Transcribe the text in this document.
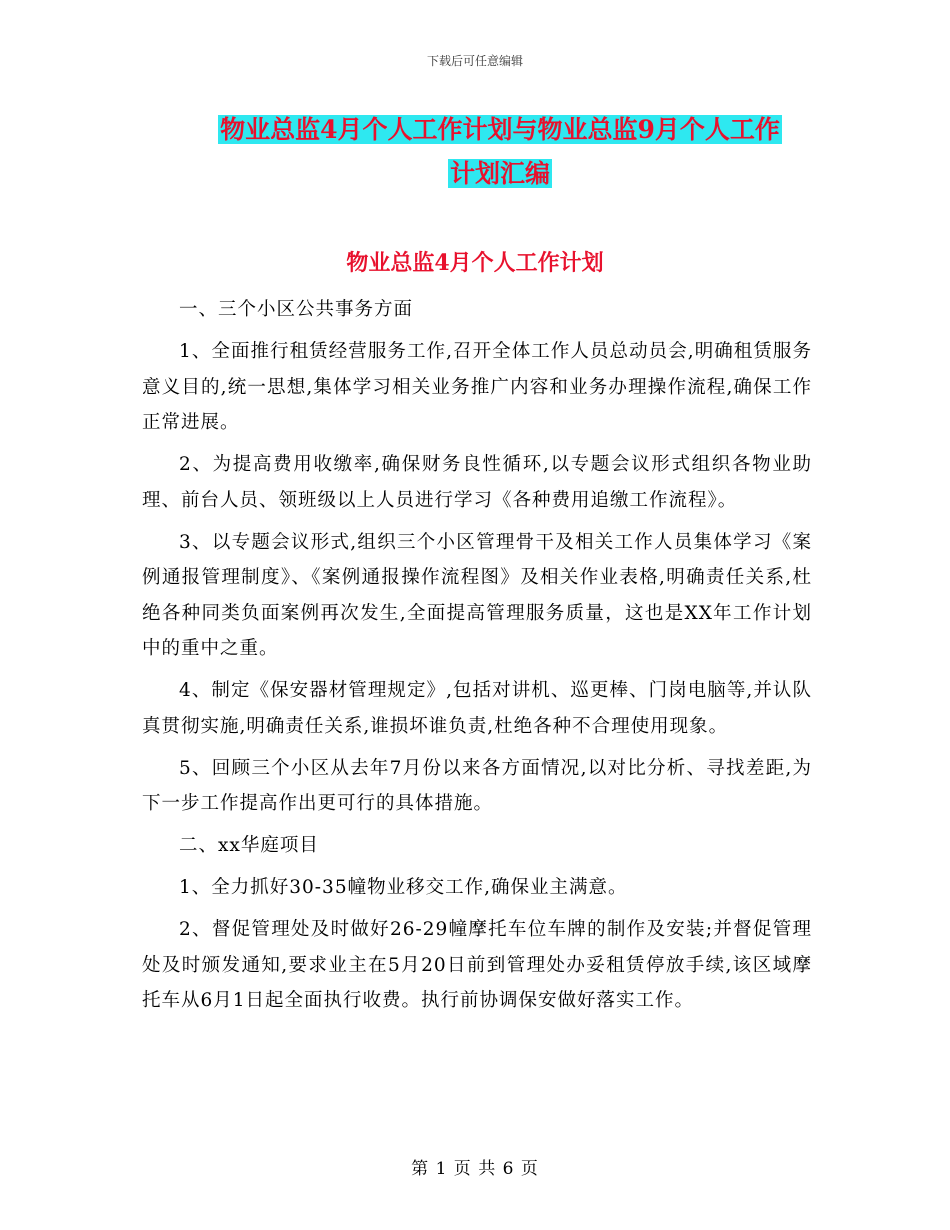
下载后可任意编辑
物业总监4月个人工作计划与物业总监9月个人工作
计划汇编
物业总监4月个人工作计划

一、三个小区公共事务方面

1、全面推行租赁经营服务工作,召开全体工作人员总动员会,明确租赁服务意义目的,统一思想,集体学习相关业务推广内容和业务办理操作流程,确保工作正常进展。

2、为提高费用收缴率,确保财务良性循环,以专题会议形式组织各物业助理、前台人员、领班级以上人员进行学习《各种费用追缴工作流程》。

3、以专题会议形式,组织三个小区管理骨干及相关工作人员集体学习《案例通报管理制度》、《案例通报操作流程图》及相关作业表格,明确责任关系,杜绝各种同类负面案例再次发生,全面提高管理服务质量，这也是XX年工作计划中的重中之重。

4、制定《保安器材管理规定》,包括对讲机、巡更棒、门岗电脑等,并认队真贯彻实施,明确责任关系,谁损坏谁负责,杜绝各种不合理使用现象。

5、回顾三个小区从去年7月份以来各方面情况,以对比分析、寻找差距,为下一步工作提高作出更可行的具体措施。

二、xx华庭项目

1、全力抓好30-35幢物业移交工作,确保业主满意。

2、督促管理处及时做好26-29幢摩托车位车牌的制作及安装;并督促管理处及时颁发通知,要求业主在5月20日前到管理处办妥租赁停放手续,该区域摩托车从6月1日起全面执行收费。执行前协调保安做好落实工作。

第 1 页 共 6 页
